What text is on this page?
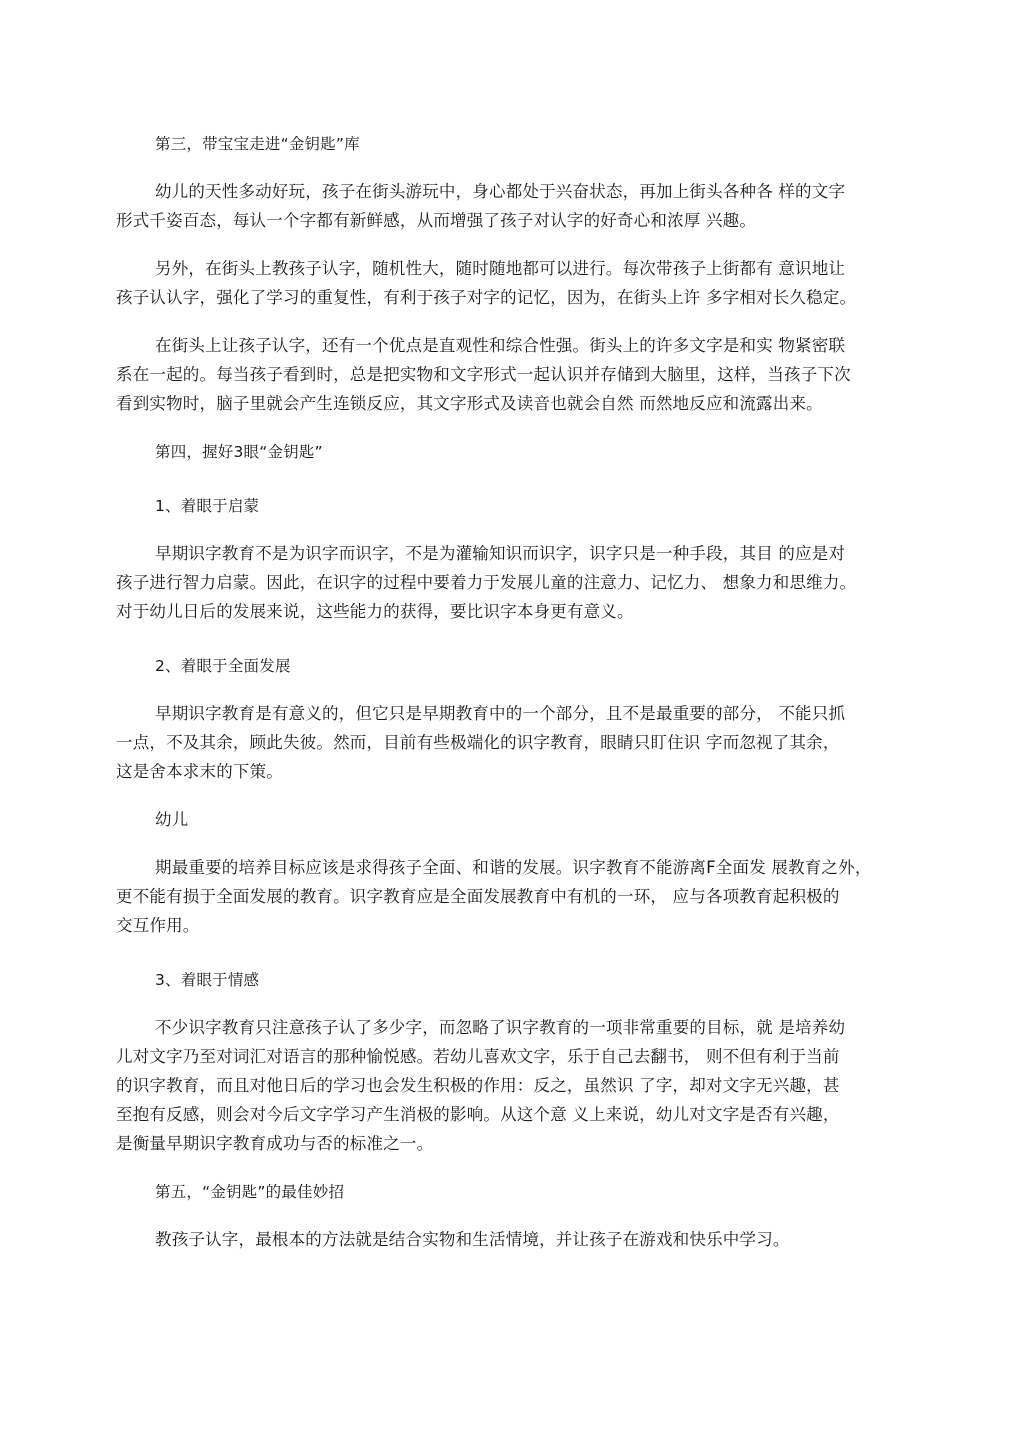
第三，带宝宝走进“金钥匙”库

幼儿的天性多动好玩，孩子在街头游玩中，身心都处于兴奋状态，再加上街头各种各 样的文字

形式千姿百态，每认一个字都有新鲜感，从而增强了孩子对认字的好奇心和浓厚 兴趣。

另外，在街头上教孩子认字，随机性大，随时随地都可以进行。每次带孩子上街都有 意识地让

孩子认认字，强化了学习的重复性，有利于孩子对字的记忆，因为，在街头上许 多字相对长久稳定。

在街头上让孩子认字，还有一个优点是直观性和综合性强。街头上的许多文字是和实 物紧密联

系在一起的。每当孩子看到时，总是把实物和文字形式一起认识并存储到大脑里，这样，当孩子下次

看到实物时，脑子里就会产生连锁反应，其文字形式及读音也就会自然 而然地反应和流露出来。

第四，握好3眼“金钥匙”

1、着眼于启蒙

早期识字教育不是为识字而识字，不是为灌输知识而识字，识字只是一种手段，其目 的应是对

孩子进行智力启蒙。因此，在识字的过程中要着力于发展儿童的注意力、记忆力、 想象力和思维力。

对于幼儿日后的发展来说，这些能力的获得，要比识字本身更有意义。

2、着眼于全面发展

早期识字教育是有意义的，但它只是早期教育中的一个部分，且不是最重要的部分， 不能只抓

一点，不及其余，顾此失彼。然而，目前有些极端化的识字教育，眼睛只盯住识 字而忽视了其余，

这是舍本求末的下策。

幼儿

期最重要的培养目标应该是求得孩子全面、和谐的发展。识字教育不能游离F全面发 展教育之外，

更不能有损于全面发展的教育。识字教育应是全面发展教育中有机的一环， 应与各项教育起积极的

交互作用。

3、着眼于情感

不少识字教育只注意孩子认了多少字，而忽略了识字教育的一项非常重要的目标，就 是培养幼

儿对文字乃至对词汇对语言的那种愉悦感。若幼儿喜欢文字，乐于自己去翻书， 则不但有利于当前

的识字教育，而且对他日后的学习也会发生积极的作用：反之，虽然识 了字，却对文字无兴趣，甚

至抱有反感，则会对今后文字学习产生消极的影响。从这个意 义上来说，幼儿对文字是否有兴趣，

是衡量早期识字教育成功与否的标准之一。

第五，“金钥匙”的最佳妙招

教孩子认字，最根本的方法就是结合实物和生活情境，并让孩子在游戏和快乐中学习。
